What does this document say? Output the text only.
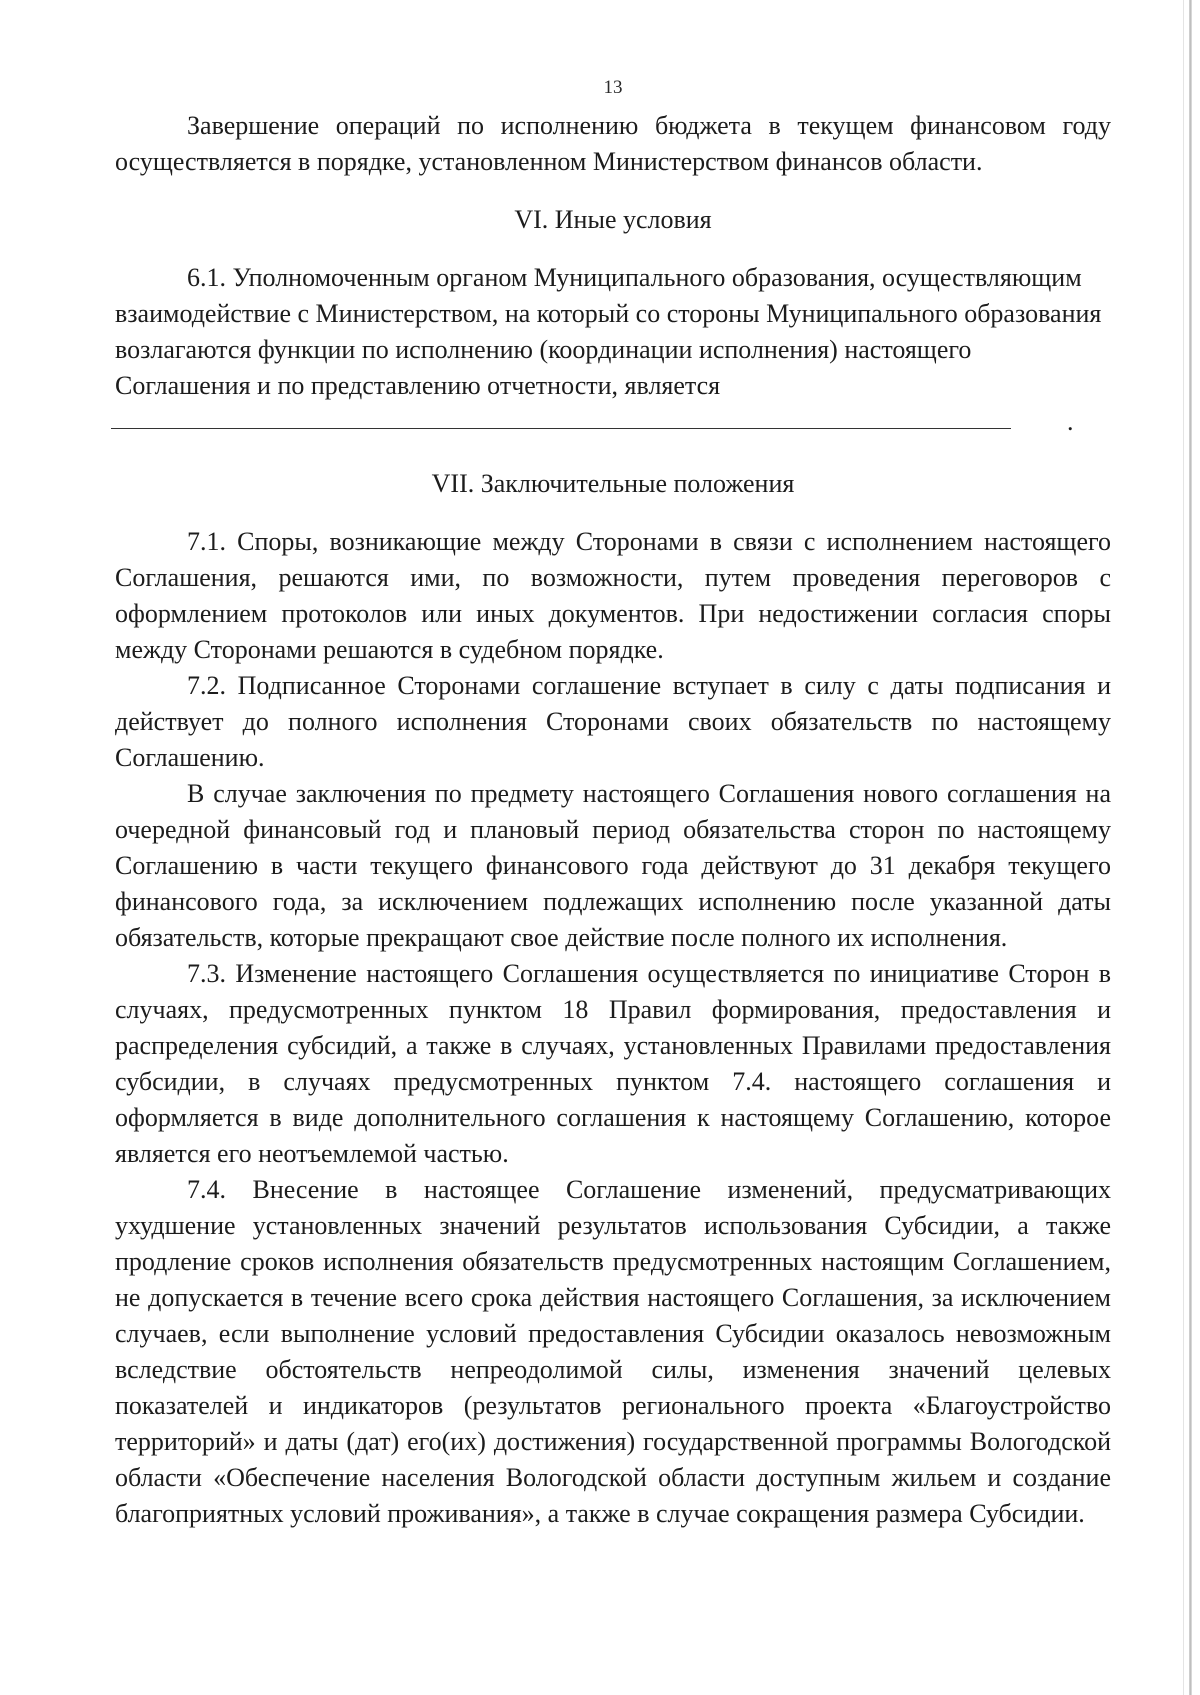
13

Завершение операций по исполнению бюджета в текущем финансовом году осуществляется в порядке, установленном Министерством финансов области.

VI. Иные условия

6.1. Уполномоченным органом Муниципального образования, осуществляющим взаимодействие с Министерством, на который со стороны Муниципального образования возлагаются функции по исполнению (координации исполнения) настоящего Соглашения и по представлению отчетности, является

.
VII. Заключительные положения

7.1. Споры, возникающие между Сторонами в связи с исполнением настоящего Соглашения, решаются ими, по возможности, путем проведения переговоров с оформлением протоколов или иных документов. При недостижении согласия споры между Сторонами решаются в судебном порядке.

7.2. Подписанное Сторонами соглашение вступает в силу с даты подписания и действует до полного исполнения Сторонами своих обязательств по настоящему Соглашению.

В случае заключения по предмету настоящего Соглашения нового соглашения на очередной финансовый год и плановый период обязательства сторон по настоящему Соглашению в части текущего финансового года действуют до 31 декабря текущего финансового года, за исключением подлежащих исполнению после указанной даты обязательств, которые прекращают свое действие после полного их исполнения.

7.3. Изменение настоящего Соглашения осуществляется по инициативе Сторон в случаях, предусмотренных пунктом 18 Правил формирования, предоставления и распределения субсидий, а также в случаях, установленных Правилами предоставления субсидии, в случаях предусмотренных пунктом 7.4. настоящего соглашения и оформляется в виде дополнительного соглашения к настоящему Соглашению, которое является его неотъемлемой частью.

7.4. Внесение в настоящее Соглашение изменений, предусматривающих ухудшение установленных значений результатов использования Субсидии, а также продление сроков исполнения обязательств предусмотренных настоящим Соглашением, не допускается в течение всего срока действия настоящего Соглашения, за исключением случаев, если выполнение условий предоставления Субсидии оказалось невозможным вследствие обстоятельств непреодолимой силы, изменения значений целевых показателей и индикаторов (результатов регионального проекта «Благоустройство территорий» и даты (дат) его(их) достижения) государственной программы Вологодской области «Обеспечение населения Вологодской области доступным жильем и создание благоприятных условий проживания», а также в случае сокращения размера Субсидии.
